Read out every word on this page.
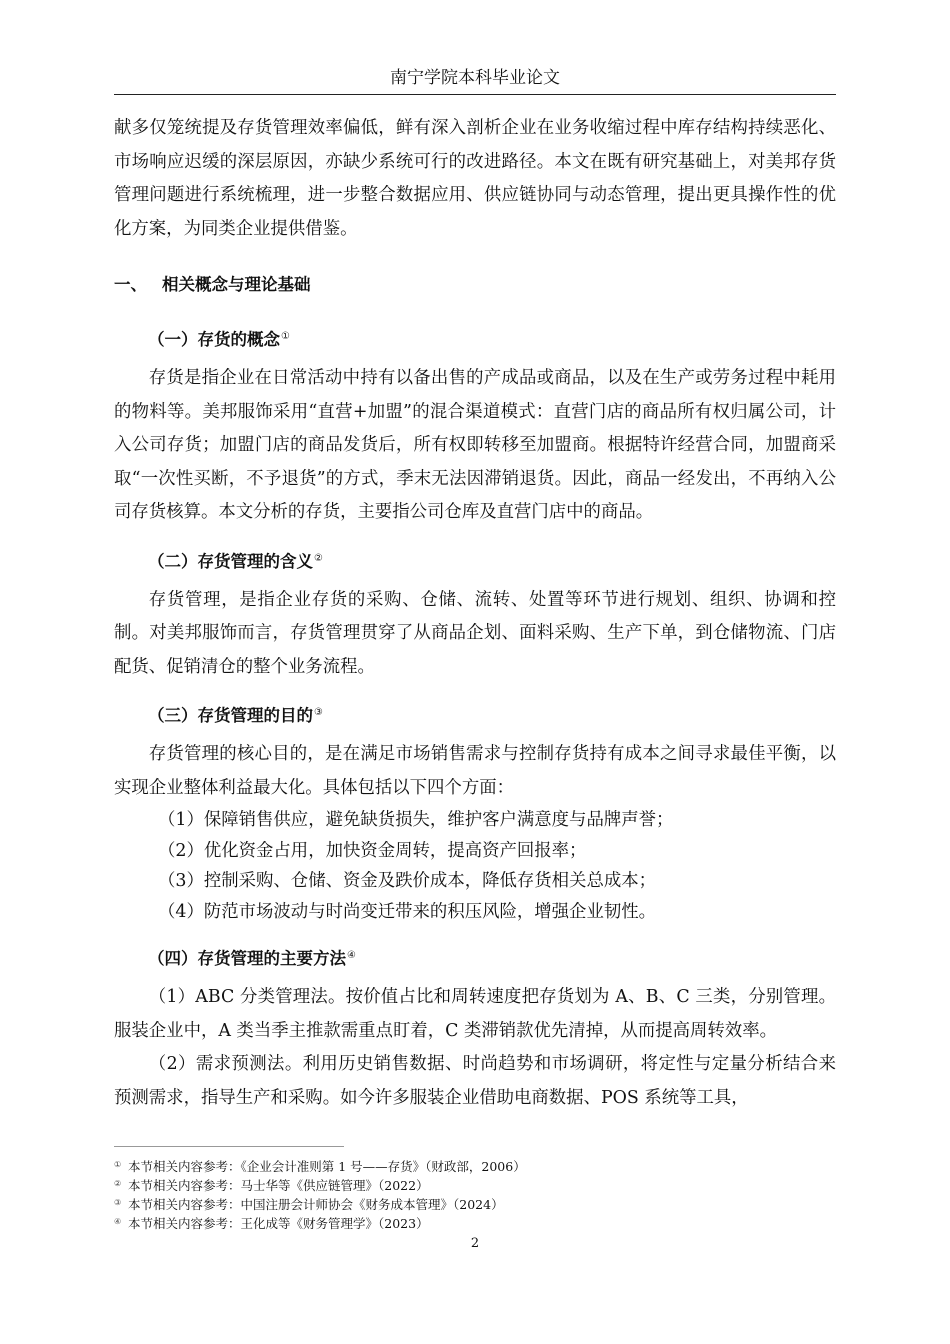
南宁学院本科毕业论文

献多仅笼统提及存货管理效率偏低，鲜有深入剖析企业在业务收缩过程中库存结构持续恶化、市场响应迟缓的深层原因，亦缺少系统可行的改进路径。本文在既有研究基础上，对美邦存货管理问题进行系统梳理，进一步整合数据应用、供应链协同与动态管理，提出更具操作性的优化方案，为同类企业提供借鉴。

一、 相关概念与理论基础
（一）存货的概念①

存货是指企业在日常活动中持有以备出售的产成品或商品，以及在生产或劳务过程中耗用的物料等。美邦服饰采用“直营+加盟”的混合渠道模式：直营门店的商品所有权归属公司，计入公司存货；加盟门店的商品发货后，所有权即转移至加盟商。根据特许经营合同，加盟商采取“一次性买断，不予退货”的方式，季末无法因滞销退货。因此，商品一经发出，不再纳入公司存货核算。本文分析的存货，主要指公司仓库及直营门店中的商品。

（二）存货管理的含义②

存货管理，是指企业存货的采购、仓储、流转、处置等环节进行规划、组织、协调和控制。对美邦服饰而言，存货管理贯穿了从商品企划、面料采购、生产下单，到仓储物流、门店配货、促销清仓的整个业务流程。

（三）存货管理的目的③

存货管理的核心目的，是在满足市场销售需求与控制存货持有成本之间寻求最佳平衡，以实现企业整体利益最大化。具体包括以下四个方面：

（1）保障销售供应，避免缺货损失，维护客户满意度与品牌声誉；

（2）优化资金占用，加快资金周转，提高资产回报率；

（3）控制采购、仓储、资金及跌价成本，降低存货相关总成本；

（4）防范市场波动与时尚变迁带来的积压风险，增强企业韧性。

（四）存货管理的主要方法④

（1）ABC 分类管理法。按价值占比和周转速度把存货划为 A、B、C 三类，分别管理。服装企业中，A 类当季主推款需重点盯着，C 类滞销款优先清掉，从而提高周转效率。

（2）需求预测法。利用历史销售数据、时尚趋势和市场调研，将定性与定量分析结合来预测需求，指导生产和采购。如今许多服装企业借助电商数据、POS 系统等工具，

① 本节相关内容参考：《企业会计准则第 1 号——存货》（财政部，2006）

② 本节相关内容参考：马士华等《供应链管理》（2022）

③ 本节相关内容参考：中国注册会计师协会《财务成本管理》（2024）

④ 本节相关内容参考：王化成等《财务管理学》（2023）

2
